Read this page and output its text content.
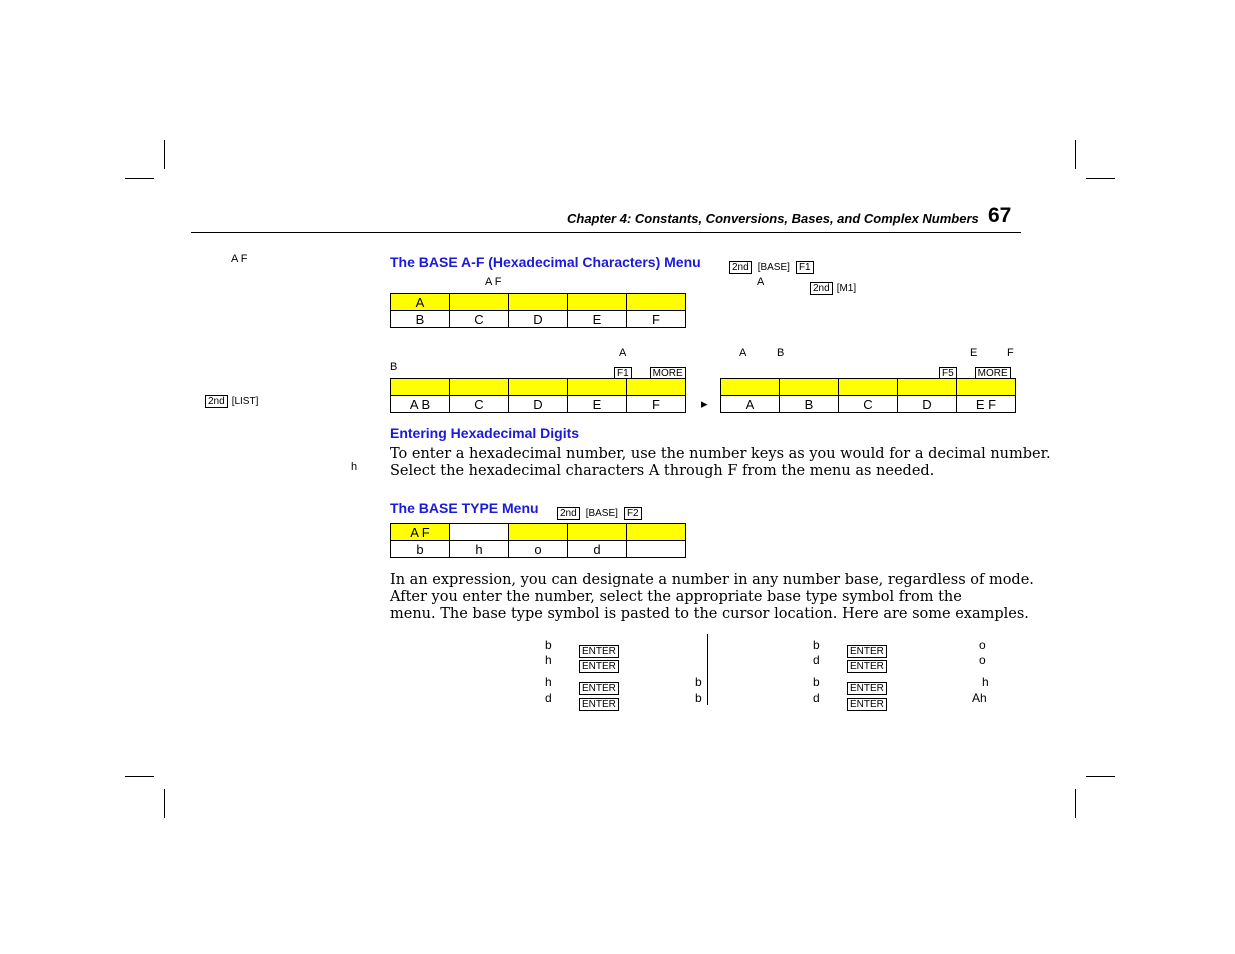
Chapter 4: Constants, Conversions, Bases, and Complex Numbers 67
A F
2nd [LIST]
h
The BASE A-F (Hexadecimal Characters) Menu	2nd [BASE] F1
A F	A
2nd [M1]
A				
B	C	D	E	F
A
B
F1 MORE

A B	C	D	E	F	▸
A	B	E	F
F5 MORE

A	B	C	D	E F
Entering Hexadecimal Digits
To enter a hexadecimal number, use the number keys as you would for a decimal number.
Select the hexadecimal characters A through F from the menu as needed.
The BASE TYPE Menu	2nd [BASE] F2
A F				
b	h	o	d	
In an expression, you can designate a number in any number base, regardless of mode.
After you enter the number, select the appropriate base type symbol from the
menu. The base type symbol is pasted to the cursor location. Here are some examples.
b	ENTER
h	ENTER
h	ENTER	b
d	ENTER	b
b	ENTER	o
d	ENTER	o
b	ENTER	h
d	ENTER	Ah
